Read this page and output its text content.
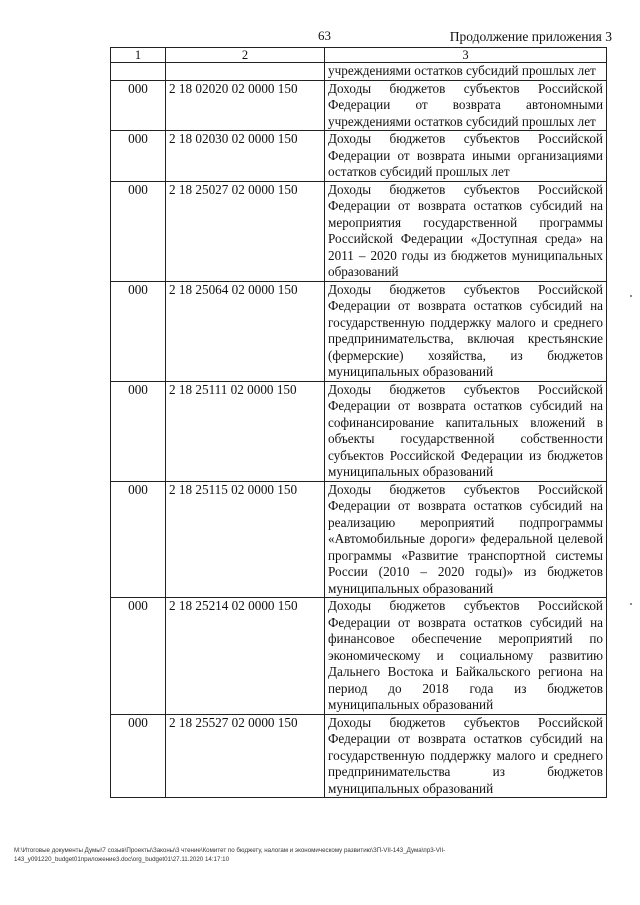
63	Продолжение приложения 3
1	2	3
		учреждениями остатков субсидий прошлых лет
000	2 18 02020 02 0000 150	Доходы бюджетов субъектов Российской Федерации от возврата автономными учреждениями остатков субсидий прошлых лет
000	2 18 02030 02 0000 150	Доходы бюджетов субъектов Российской Федерации от возврата иными организациями остатков субсидий прошлых лет
000	2 18 25027 02 0000 150	Доходы бюджетов субъектов Российской Федерации от возврата остатков субсидий на мероприятия государственной программы Российской Федерации «Доступная среда» на 2011 – 2020 годы из бюджетов муниципальных образований
000	2 18 25064 02 0000 150	Доходы бюджетов субъектов Российской Федерации от возврата остатков субсидий на государственную поддержку малого и среднего предпринимательства, включая крестьянские (фермерские) хозяйства, из бюджетов муниципальных образований
000	2 18 25111 02 0000 150	Доходы бюджетов субъектов Российской Федерации от возврата остатков субсидий на софинансирование капитальных вложений в объекты государственной собственности субъектов Российской Федерации из бюджетов муниципальных образований
000	2 18 25115 02 0000 150	Доходы бюджетов субъектов Российской Федерации от возврата остатков субсидий на реализацию мероприятий подпрограммы «Автомобильные дороги» федеральной целевой программы «Развитие транспортной системы России (2010 – 2020 годы)» из бюджетов муниципальных образований
000	2 18 25214 02 0000 150	Доходы бюджетов субъектов Российской Федерации от возврата остатков субсидий на финансовое обеспечение мероприятий по экономическому и социальному развитию Дальнего Востока и Байкальского региона на период до 2018 года из бюджетов муниципальных образований
000	2 18 25527 02 0000 150	Доходы бюджетов субъектов Российской Федерации от возврата остатков субсидий на государственную поддержку малого и среднего предпринимательства из бюджетов муниципальных образований
М:\Итоговые документы Думы\7 созыв\Проекты\Законы\3 чтение\Комитет по бюджету, налогам и экономическому развитию\ЗП-VII-143_Дума\пр3-VII-143_у091220_budget01приложение3.doc\org_budget01\27.11.2020 14:17:10
